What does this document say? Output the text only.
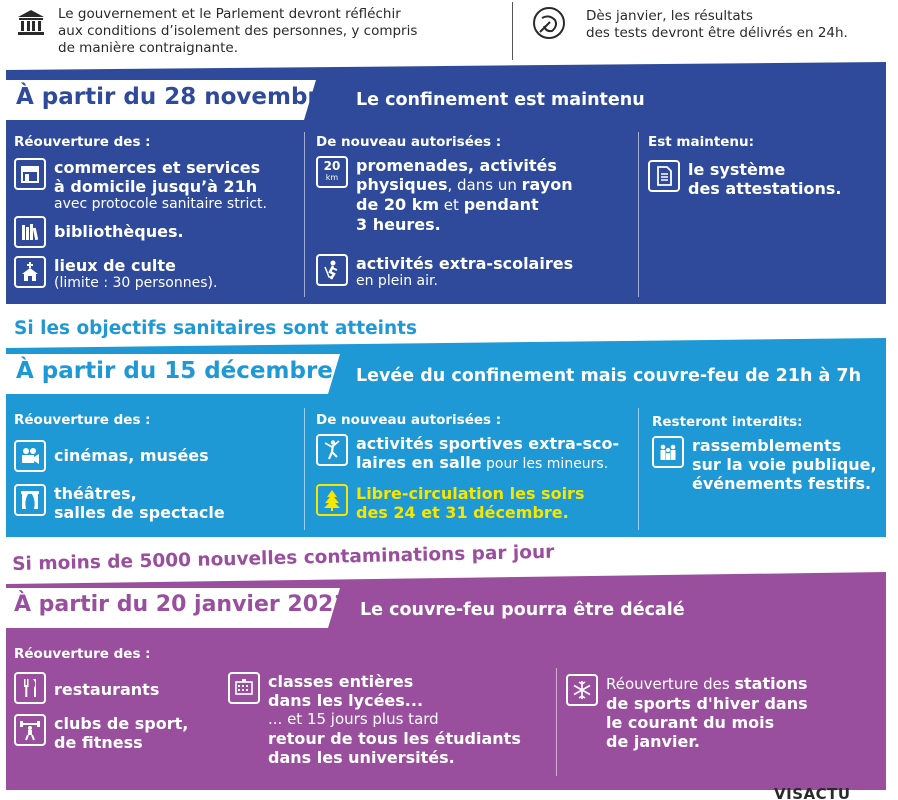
Le gouvernement et le Parlement devront réfléchir
aux conditions d’isolement des personnes, y compris
de manière contraignante.
Dès janvier, les résultats
des tests devront être délivrés en 24h.
À partir du 28 novembre Le confinement est maintenu
Réouverture des :	De nouveau autorisées :	Est maintenu:
commerces et services
à domicile jusqu’à 21h
avec protocole sanitaire strict.
bibliothèques.
lieux de culte
(limite : 30 personnes).
20
km
promenades, activités
physiques, dans un rayon
de 20 km et pendant
3 heures.
activités extra-scolaires
en plein air.
le système
des attestations.
Si les objectifs sanitaires sont atteints
À partir du 15 décembre Levée du confinement mais couvre-feu de 21h à 7h
Réouverture des :	De nouveau autorisées :	Resteront interdits:
cinémas, musées
théâtres,
salles de spectacle
activités sportives extra-sco-
laires en salle pour les mineurs.
Libre-circulation les soirs
des 24 et 31 décembre.
rassemblements
sur la voie publique,
événements festifs.
Si moins de 5000 nouvelles contaminations par jour
À partir du 20 janvier 2021 Le couvre-feu pourra être décalé
Réouverture des :
restaurants
clubs de sport,
de fitness
classes entières
dans les lycées...
... et 15 jours plus tard
retour de tous les étudiants
dans les universités.
Réouverture des stations
de sports d'hiver dans
le courant du mois
de janvier.
VISACTU
